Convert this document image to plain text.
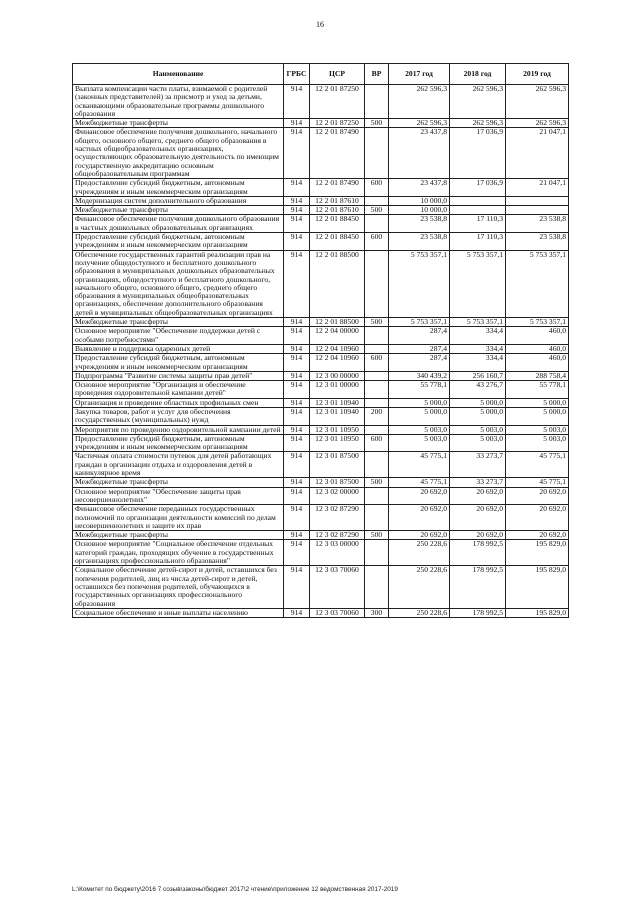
16
Наименование	ГРБС	ЦСР	ВР	2017 год	2018 год	2019 год
Выплата компенсации части платы, взимаемой с родителей (законных представителей) за присмотр и уход за детьми, осваивающими образовательные программы дошкольного образования	914	12 2 01 87250		262 596,3	262 596,3	262 596,3
Межбюджетные трансферты	914	12 2 01 87250	500	262 596,3	262 596,3	262 596,3
Финансовое обеспечение получения дошкольного, начального общего, основного общего, среднего общего образования в частных общеобразовательных организациях, осуществляющих образовательную деятельность по имеющим государственную аккредитацию основным общеобразовательным программам	914	12 2 01 87490		23 437,8	17 036,9	21 047,1
Предоставление субсидий бюджетным, автономным учреждениям и иным некоммерческим организациям	914	12 2 01 87490	600	23 437,8	17 036,9	21 047,1
Модернизация систем дополнительного образования	914	12 2 01 87610		10 000,0		
Межбюджетные трансферты	914	12 2 01 87610	500	10 000,0		
Финансовое обеспечение получения дошкольного образования в частных дошкольных образовательных организациях	914	12 2 01 88450		23 538,8	17 110,3	23 538,8
Предоставление субсидий бюджетным, автономным учреждениям и иным некоммерческим организациям	914	12 2 01 88450	600	23 538,8	17 110,3	23 538,8
Обеспечение государственных гарантий реализации прав на получение общедоступного и бесплатного дошкольного образования в муниципальных дошкольных образовательных организациях, общедоступного и бесплатного дошкольного, начального общего, основного общего, среднего общего образования в муниципальных общеобразовательных организациях, обеспечение дополнительного образования детей в муниципальных общеобразовательных организациях	914	12 2 01 88500		5 753 357,1	5 753 357,1	5 753 357,1
Межбюджетные трансферты	914	12 2 01 88500	500	5 753 357,1	5 753 357,1	5 753 357,1
Основное мероприятие "Обеспечение поддержки детей с особыми потребностями"	914	12 2 04 00000		287,4	334,4	460,0
Выявление и поддержка одаренных детей	914	12 2 04 10960		287,4	334,4	460,0
Предоставление субсидий бюджетным, автономным учреждениям и иным некоммерческим организациям	914	12 2 04 10960	600	287,4	334,4	460,0
Подпрограмма "Развитие системы защиты прав детей"	914	12 3 00 00000		340 439,2	256 160,7	288 758,4
Основное мероприятие "Организация и обеспечение проведения оздоровительной кампании детей"	914	12 3 01 00000		55 778,1	43 276,7	55 778,1
Организация и проведение областных профильных смен	914	12 3 01 10940		5 000,0	5 000,0	5 000,0
Закупка товаров, работ и услуг для обеспечения государственных (муниципальных) нужд	914	12 3 01 10940	200	5 000,0	5 000,0	5 000,0
Мероприятия по проведению оздоровительной кампании детей	914	12 3 01 10950		5 003,0	5 003,0	5 003,0
Предоставление субсидий бюджетным, автономным учреждениям и иным некоммерческим организациям	914	12 3 01 10950	600	5 003,0	5 003,0	5 003,0
Частичная оплата стоимости путевок для детей работающих граждан в организации отдыха и оздоровления детей в каникулярное время	914	12 3 01 87500		45 775,1	33 273,7	45 775,1
Межбюджетные трансферты	914	12 3 01 87500	500	45 775,1	33 273,7	45 775,1
Основное мероприятие "Обеспечение защиты прав несовершеннолетних"	914	12 3 02 00000		20 692,0	20 692,0	20 692,0
Финансовое обеспечение переданных государственных полномочий по организации деятельности комиссий по делам несовершеннолетних и защите их прав	914	12 3 02 87290		20 692,0	20 692,0	20 692,0
Межбюджетные трансферты	914	12 3 02 87290	500	20 692,0	20 692,0	20 692,0
Основное мероприятие "Социальное обеспечение отдельных категорий граждан, проходящих обучение в государственных организациях профессионального образования"	914	12 3 03 00000		250 228,6	178 992,5	195 829,0
Социальное обеспечение детей-сирот и детей, оставшихся без попечения родителей, лиц из числа детей-сирот и детей, оставшихся без попечения родителей, обучающихся в государственных организациях профессионального образования	914	12 3 03 70060		250 228,6	178 992,5	195 829,0
Социальное обеспечение и иные выплаты населению	914	12 3 03 70060	300	250 228,6	178 992,5	195 829,0
L:\Комитет по бюджету\2016 7 созыв\законы\бюджет 2017\2 чтение\приложение 12 ведомственная 2017-2019
